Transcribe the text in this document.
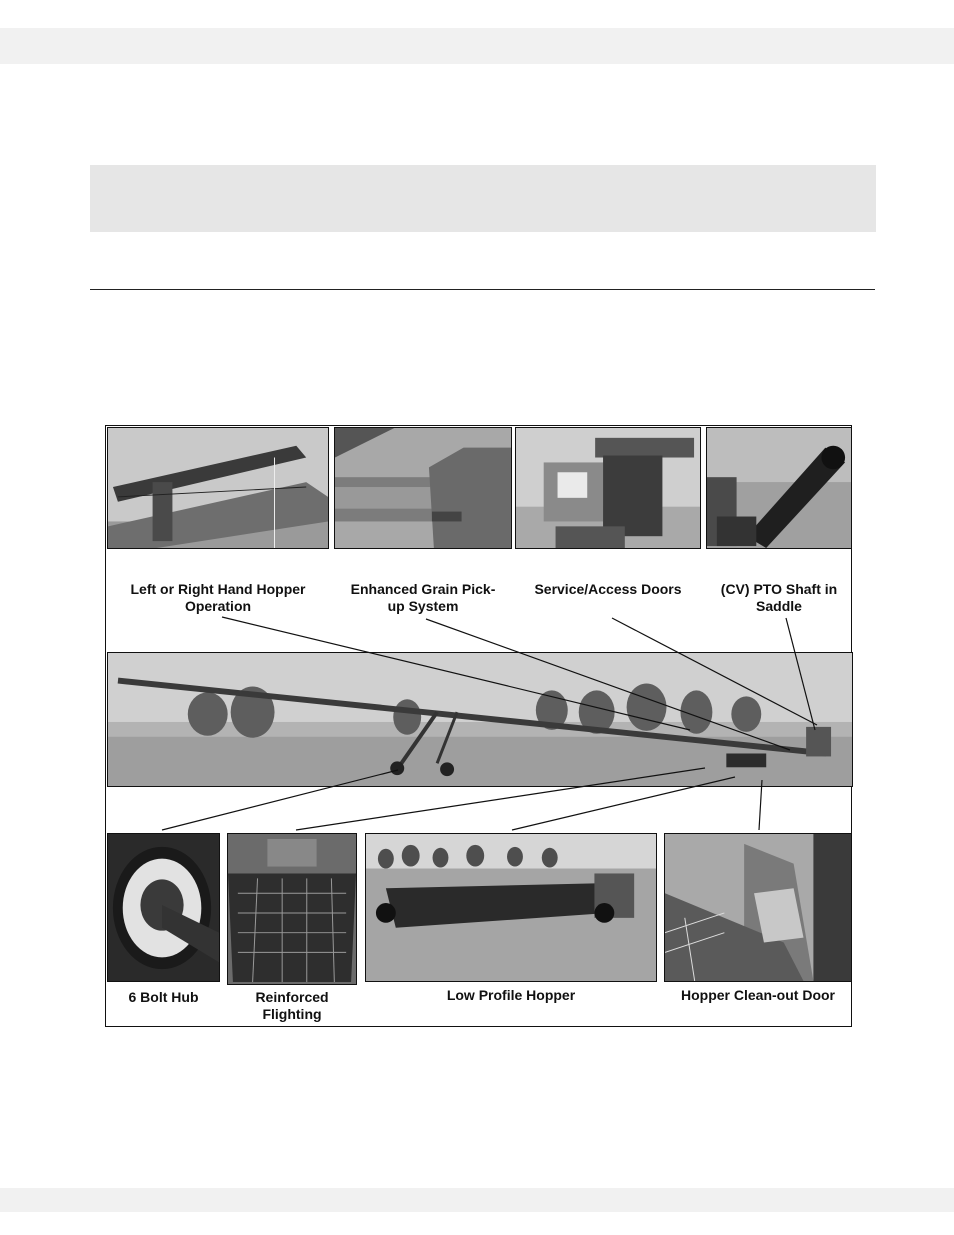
Left or Right Hand Hopper
Operation
Enhanced Grain Pick-
up System
Service/Access Doors	(CV) PTO Shaft in
Saddle
6 Bolt Hub	Reinforced
Flighting
Low Profile Hopper	Hopper Clean-out Door
